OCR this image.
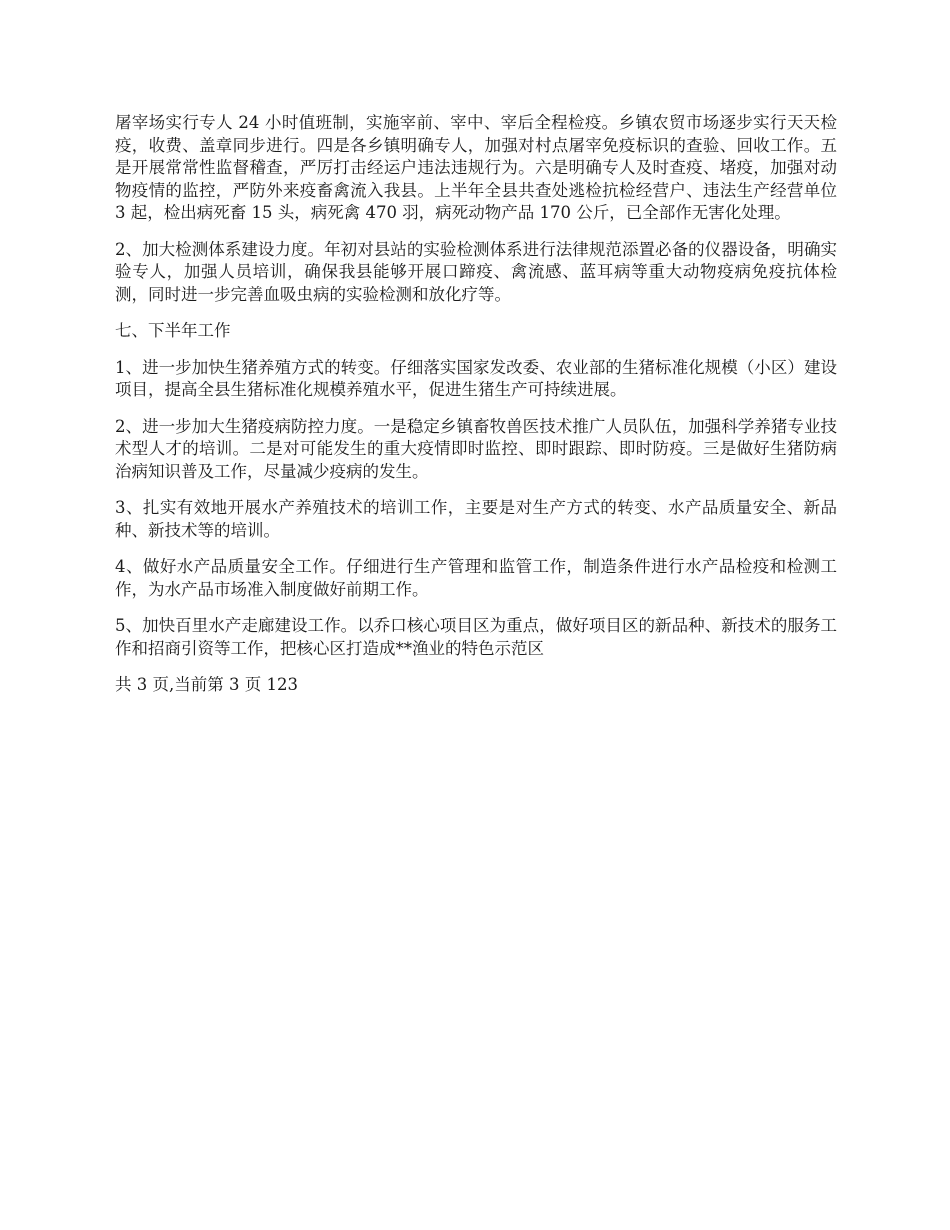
屠宰场实行专人 24 小时值班制，实施宰前、宰中、宰后全程检疫。乡镇农贸市场逐步实行天天检疫，收费、盖章同步进行。四是各乡镇明确专人，加强对村点屠宰免疫标识的查验、回收工作。五是开展常常性监督稽查，严厉打击经运户违法违规行为。六是明确专人及时查疫、堵疫，加强对动物疫情的监控，严防外来疫畜禽流入我县。上半年全县共查处逃检抗检经营户、违法生产经营单位 3 起，检出病死畜 15 头，病死禽 470 羽，病死动物产品 170 公斤，已全部作无害化处理。

2、加大检测体系建设力度。年初对县站的实验检测体系进行法律规范添置必备的仪器设备，明确实验专人，加强人员培训，确保我县能够开展口蹄疫、禽流感、蓝耳病等重大动物疫病免疫抗体检测，同时进一步完善血吸虫病的实验检测和放化疗等。

七、下半年工作

1、进一步加快生猪养殖方式的转变。仔细落实国家发改委、农业部的生猪标准化规模（小区）建设项目，提高全县生猪标准化规模养殖水平，促进生猪生产可持续进展。

2、进一步加大生猪疫病防控力度。一是稳定乡镇畜牧兽医技术推广人员队伍，加强科学养猪专业技术型人才的培训。二是对可能发生的重大疫情即时监控、即时跟踪、即时防疫。三是做好生猪防病治病知识普及工作，尽量减少疫病的发生。

3、扎实有效地开展水产养殖技术的培训工作，主要是对生产方式的转变、水产品质量安全、新品种、新技术等的培训。

4、做好水产品质量安全工作。仔细进行生产管理和监管工作，制造条件进行水产品检疫和检测工作，为水产品市场准入制度做好前期工作。

5、加快百里水产走廊建设工作。以乔口核心项目区为重点，做好项目区的新品种、新技术的服务工作和招商引资等工作，把核心区打造成**渔业的特色示范区

共 3 页,当前第 3 页 123
